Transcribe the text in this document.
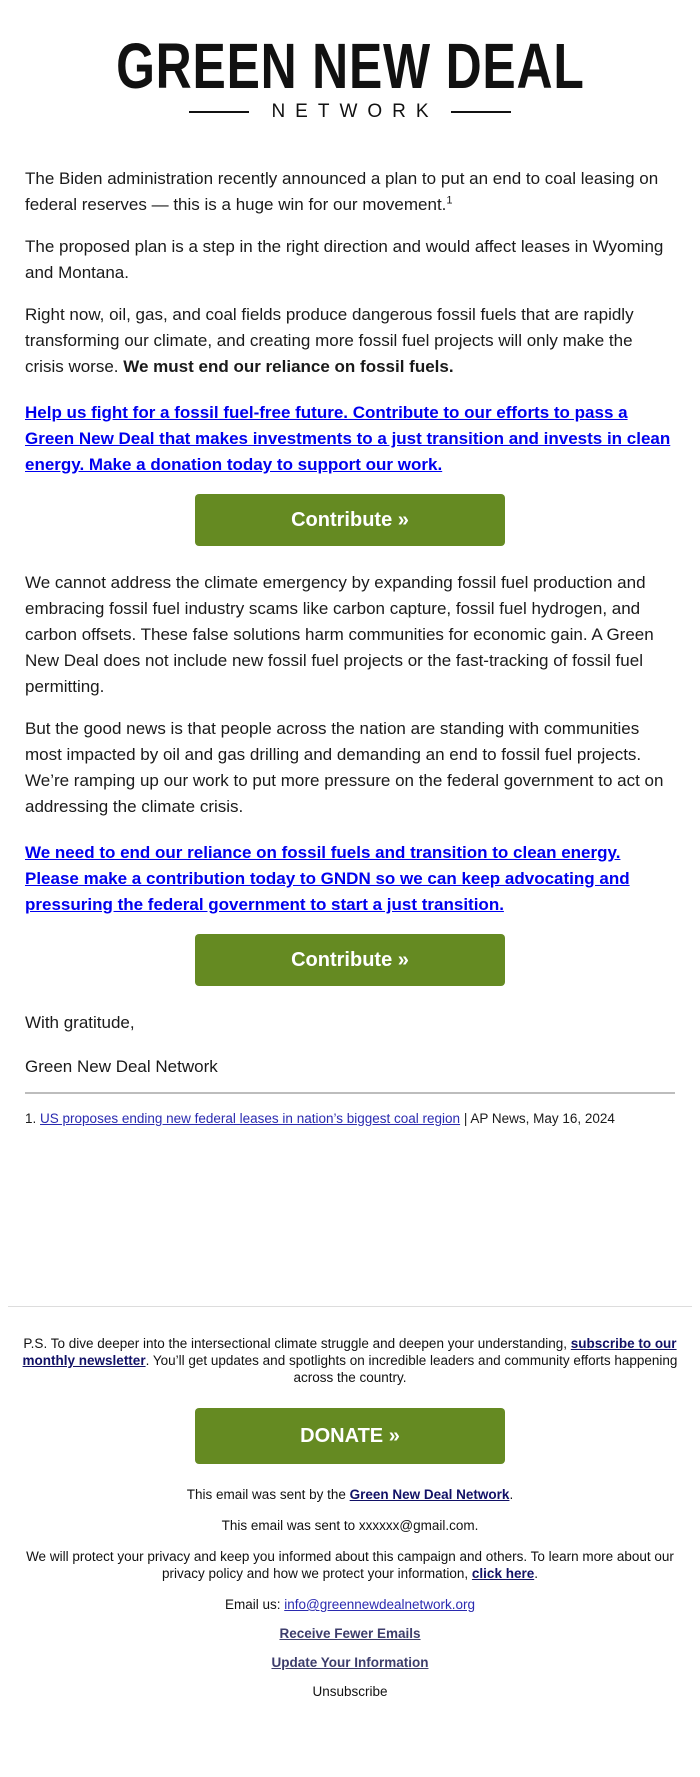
GREEN NEW DEAL
NETWORK

The Biden administration recently announced a plan to put an end to coal leasing on federal reserves — this is a huge win for our movement.$^1$

The proposed plan is a step in the right direction and would affect leases in Wyoming and Montana.

Right now, oil, gas, and coal fields produce dangerous fossil fuels that are rapidly transforming our climate, and creating more fossil fuel projects will only make the crisis worse. We must end our reliance on fossil fuels.

Help us fight for a fossil fuel-free future. Contribute to our efforts to pass a Green New Deal that makes investments to a just transition and invests in clean energy. Make a donation today to support our work.

Contribute »

We cannot address the climate emergency by expanding fossil fuel production and embracing fossil fuel industry scams like carbon capture, fossil fuel hydrogen, and carbon offsets. These false solutions harm communities for economic gain. A Green New Deal does not include new fossil fuel projects or the fast-tracking of fossil fuel permitting.

But the good news is that people across the nation are standing with communities most impacted by oil and gas drilling and demanding an end to fossil fuel projects. We’re ramping up our work to put more pressure on the federal government to act on addressing the climate crisis.

We need to end our reliance on fossil fuels and transition to clean energy. Please make a contribution today to GNDN so we can keep advocating and pressuring the federal government to start a just transition.

Contribute »

With gratitude,

Green New Deal Network

1. US proposes ending new federal leases in nation’s biggest coal region | AP News, May 16, 2024

P.S. To dive deeper into the intersectional climate struggle and deepen your understanding, subscribe to our monthly newsletter. You’ll get updates and spotlights on incredible leaders and community efforts happening across the country.

DONATE »

This email was sent by the Green New Deal Network.

This email was sent to xxxxxx@gmail.com.

We will protect your privacy and keep you informed about this campaign and others. To learn more about our privacy policy and how we protect your information, click here.

Email us: info@greennewdealnetwork.org

Receive Fewer Emails

Update Your Information

Unsubscribe
